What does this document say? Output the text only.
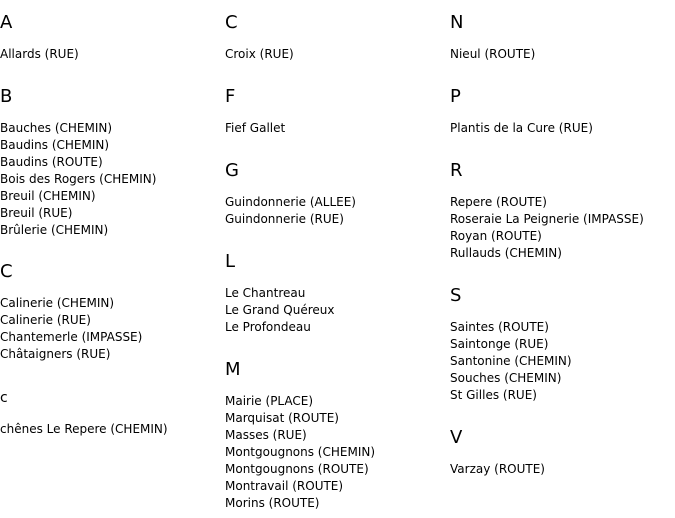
A
Allards (RUE)
B
Bauches (CHEMIN)
Baudins (CHEMIN)
Baudins (ROUTE)
Bois des Rogers (CHEMIN)
Breuil (CHEMIN)
Breuil (RUE)
Brûlerie (CHEMIN)
C
Calinerie (CHEMIN)
Calinerie (RUE)
Chantemerle (IMPASSE)
Châtaigners (RUE)
c
chênes Le Repere (CHEMIN)
C
Croix (RUE)
F
Fief Gallet
G
Guindonnerie (ALLEE)
Guindonnerie (RUE)
L
Le Chantreau
Le Grand Quéreux
Le Profondeau
M
Mairie (PLACE)
Marquisat (ROUTE)
Masses (RUE)
Montgougnons (CHEMIN)
Montgougnons (ROUTE)
Montravail (ROUTE)
Morins (ROUTE)
N
Nieul (ROUTE)
P
Plantis de la Cure (RUE)
R
Repere (ROUTE)
Roseraie La Peignerie (IMPASSE)
Royan (ROUTE)
Rullauds (CHEMIN)
S
Saintes (ROUTE)
Saintonge (RUE)
Santonine (CHEMIN)
Souches (CHEMIN)
St Gilles (RUE)
V
Varzay (ROUTE)
